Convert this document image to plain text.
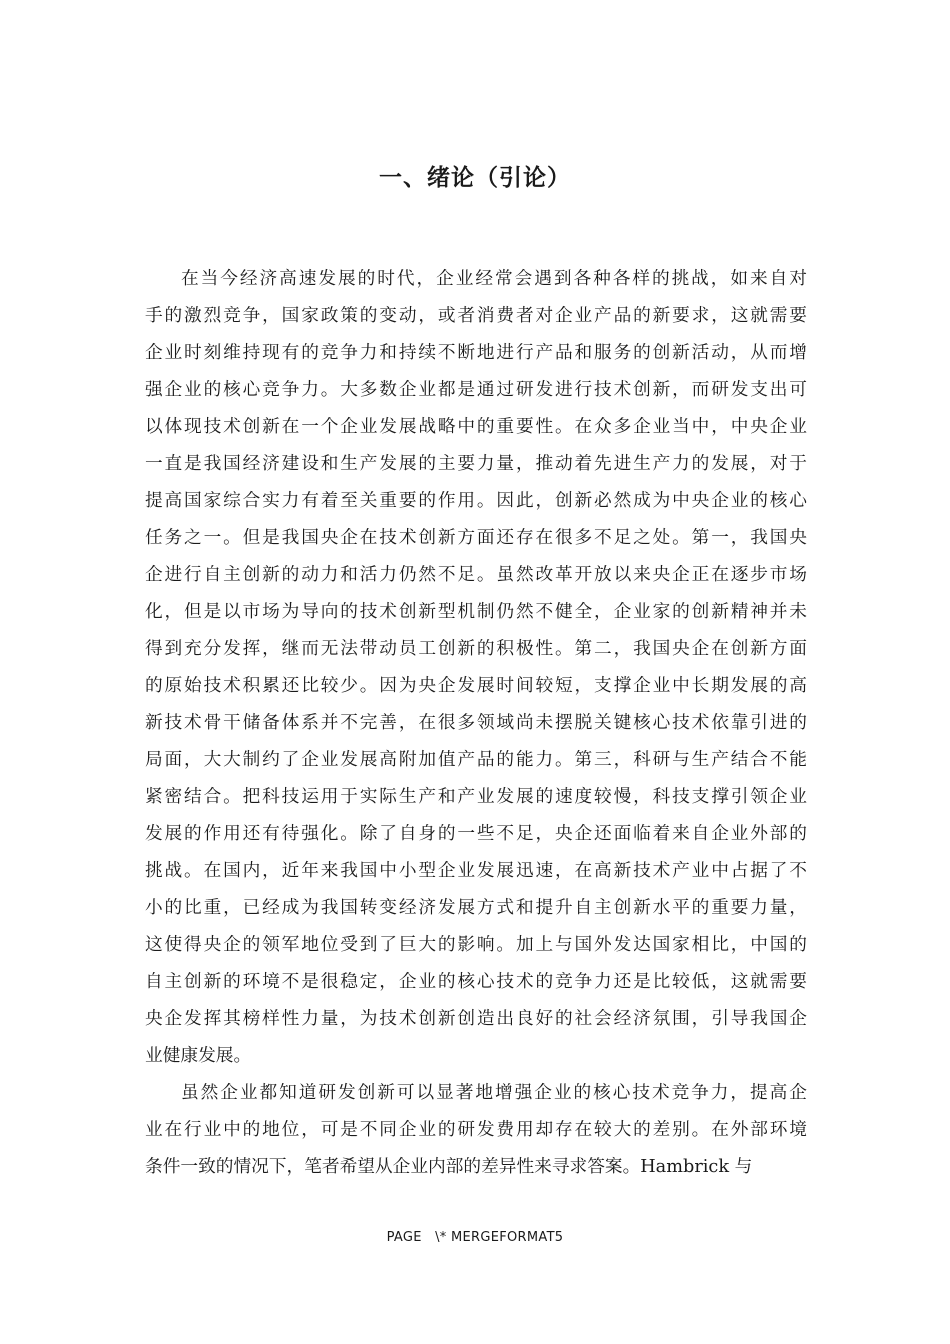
一、绪论（引论）

在当今经济高速发展的时代，企业经常会遇到各种各样的挑战，如来自对 手的激烈竞争，国家政策的变动，或者消费者对企业产品的新要求，这就需要 企业时刻维持现有的竞争力和持续不断地进行产品和服务的创新活动，从而增 强企业的核心竞争力。大多数企业都是通过研发进行技术创新，而研发支出可 以体现技术创新在一个企业发展战略中的重要性。在众多企业当中，中央企业 一直是我国经济建设和生产发展的主要力量，推动着先进生产力的发展，对于 提高国家综合实力有着至关重要的作用。因此，创新必然成为中央企业的核心 任务之一。但是我国央企在技术创新方面还存在很多不足之处。第一，我国央 企进行自主创新的动力和活力仍然不足。虽然改革开放以来央企正在逐步市场 化，但是以市场为导向的技术创新型机制仍然不健全，企业家的创新精神并未 得到充分发挥，继而无法带动员工创新的积极性。第二，我国央企在创新方面 的原始技术积累还比较少。因为央企发展时间较短，支撑企业中长期发展的高 新技术骨干储备体系并不完善，在很多领域尚未摆脱关键核心技术依靠引进的 局面，大大制约了企业发展高附加值产品的能力。第三，科研与生产结合不能 紧密结合。把科技运用于实际生产和产业发展的速度较慢，科技支撑引领企业 发展的作用还有待强化。除了自身的一些不足，央企还面临着来自企业外部的 挑战。在国内，近年来我国中小型企业发展迅速，在高新技术产业中占据了不 小的比重，已经成为我国转变经济发展方式和提升自主创新水平的重要力量， 这使得央企的领军地位受到了巨大的影响。加上与国外发达国家相比，中国的 自主创新的环境不是很稳定，企业的核心技术的竞争力还是比较低，这就需要 央企发挥其榜样性力量，为技术创新创造出良好的社会经济氛围，引导我国企 业健康发展。

虽然企业都知道研发创新可以显著地增强企业的核心技术竞争力，提高企 业在行业中的地位，可是不同企业的研发费用却存在较大的差别。在外部环境 条件一致的情况下，笔者希望从企业内部的差异性来寻求答案。Hambrick 与

PAGE   \* MERGEFORMAT5
